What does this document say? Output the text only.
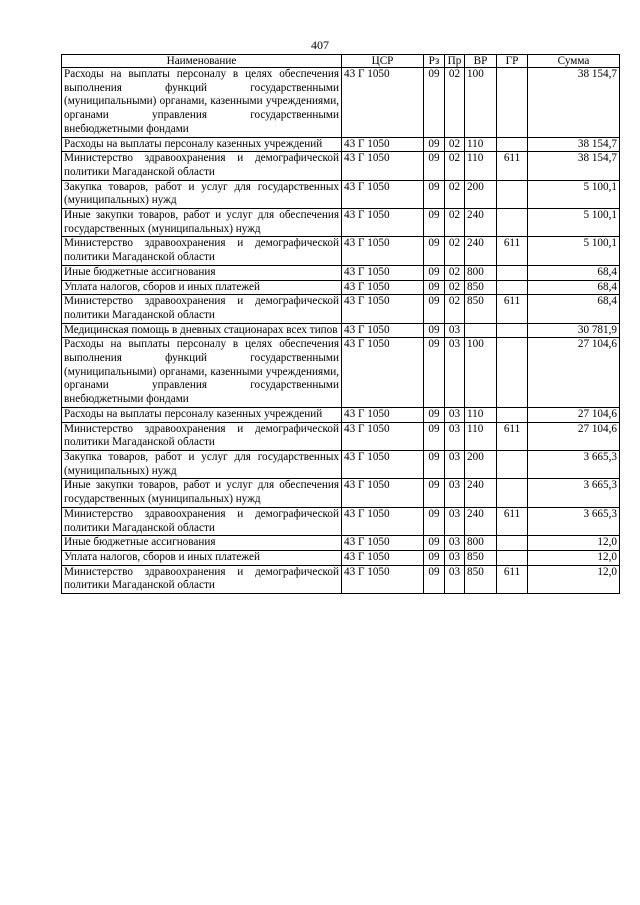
407
Наименование	ЦСР	Рз	Пр	ВР	ГР	Сумма
Расходы на выплаты персоналу в целях обеспечения выполнения функций государственными (муниципальными) органами, казенными учреждениями, органами управления государственными внебюджетными фондами	43 Г 1050	09	02	100		38 154,7
Расходы на выплаты персоналу казенных учреждений	43 Г 1050	09	02	110		38 154,7
Министерство здравоохранения и демографической политики Магаданской области	43 Г 1050	09	02	110	611	38 154,7
Закупка товаров, работ и услуг для государственных (муниципальных) нужд	43 Г 1050	09	02	200		5 100,1
Иные закупки товаров, работ и услуг для обеспечения государственных (муниципальных) нужд	43 Г 1050	09	02	240		5 100,1
Министерство здравоохранения и демографической политики Магаданской области	43 Г 1050	09	02	240	611	5 100,1
Иные бюджетные ассигнования	43 Г 1050	09	02	800		68,4
Уплата налогов, сборов и иных платежей	43 Г 1050	09	02	850		68,4
Министерство здравоохранения и демографической политики Магаданской области	43 Г 1050	09	02	850	611	68,4
Медицинская помощь в дневных стационарах всех типов	43 Г 1050	09	03			30 781,9
Расходы на выплаты персоналу в целях обеспечения выполнения функций государственными (муниципальными) органами, казенными учреждениями, органами управления государственными внебюджетными фондами	43 Г 1050	09	03	100		27 104,6
Расходы на выплаты персоналу казенных учреждений	43 Г 1050	09	03	110		27 104,6
Министерство здравоохранения и демографической политики Магаданской области	43 Г 1050	09	03	110	611	27 104,6
Закупка товаров, работ и услуг для государственных (муниципальных) нужд	43 Г 1050	09	03	200		3 665,3
Иные закупки товаров, работ и услуг для обеспечения государственных (муниципальных) нужд	43 Г 1050	09	03	240		3 665,3
Министерство здравоохранения и демографической политики Магаданской области	43 Г 1050	09	03	240	611	3 665,3
Иные бюджетные ассигнования	43 Г 1050	09	03	800		12,0
Уплата налогов, сборов и иных платежей	43 Г 1050	09	03	850		12,0
Министерство здравоохранения и демографической политики Магаданской области	43 Г 1050	09	03	850	611	12,0
